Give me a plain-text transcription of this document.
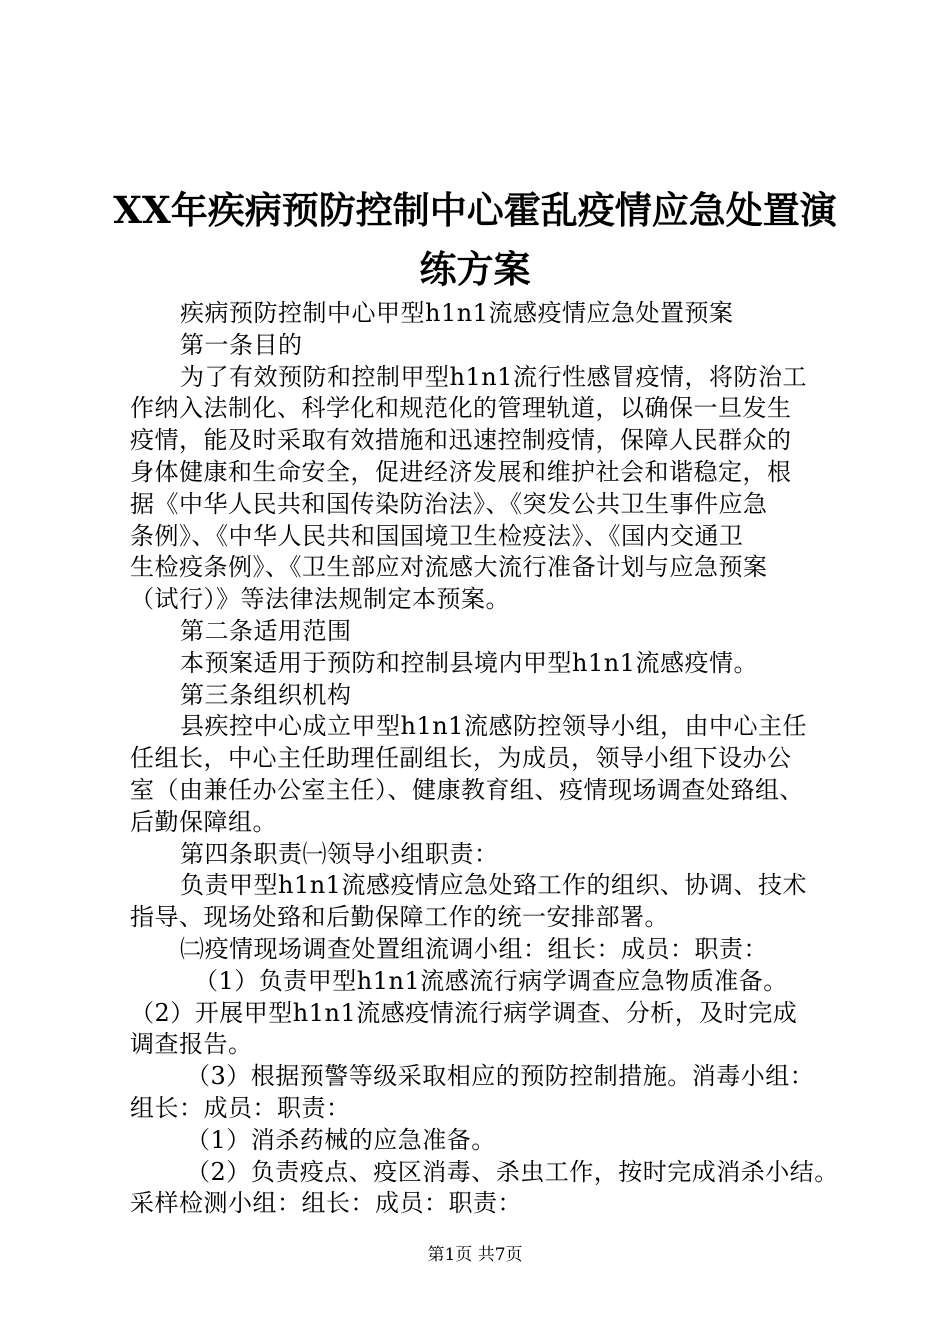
XX年疾病预防控制中心霍乱疫情应急处置演
练方案

疾病预防控制中心甲型h1n1流感疫情应急处置预案

第一条目的

为了有效预防和控制甲型h1n1流行性感冒疫情，将防治工

作纳入法制化、科学化和规范化的管理轨道，以确保一旦发生

疫情，能及时采取有效措施和迅速控制疫情，保障人民群众的

身体健康和生命安全，促进经济发展和维护社会和谐稳定，根

据《中华人民共和国传染防治法》、《突发公共卫生事件应急

条例》、《中华人民共和国国境卫生检疫法》、《国内交通卫

生检疫条例》、《卫生部应对流感大流行准备计划与应急预案

（试行）》等法律法规制定本预案。

第二条适用范围

本预案适用于预防和控制县境内甲型h1n1流感疫情。

第三条组织机构

县疾控中心成立甲型h1n1流感防控领导小组，由中心主任

任组长，中心主任助理任副组长，为成员，领导小组下设办公

室（由兼任办公室主任）、健康教育组、疫情现场调查处臵组、

后勤保障组。

第四条职责㈠领导小组职责：

负责甲型h1n1流感疫情应急处臵工作的组织、协调、技术

指导、现场处臵和后勤保障工作的统一安排部署。

㈡疫情现场调查处置组流调小组：组长：成员：职责：

（1）负责甲型h1n1流感流行病学调查应急物质准备。

（2）开展甲型h1n1流感疫情流行病学调查、分析，及时完成

调查报告。

（3）根据预警等级采取相应的预防控制措施。消毒小组：

组长：成员：职责：

（1）消杀药械的应急准备。

（2）负责疫点、疫区消毒、杀虫工作，按时完成消杀小结。

采样检测小组：组长：成员：职责：

第1页 共7页
